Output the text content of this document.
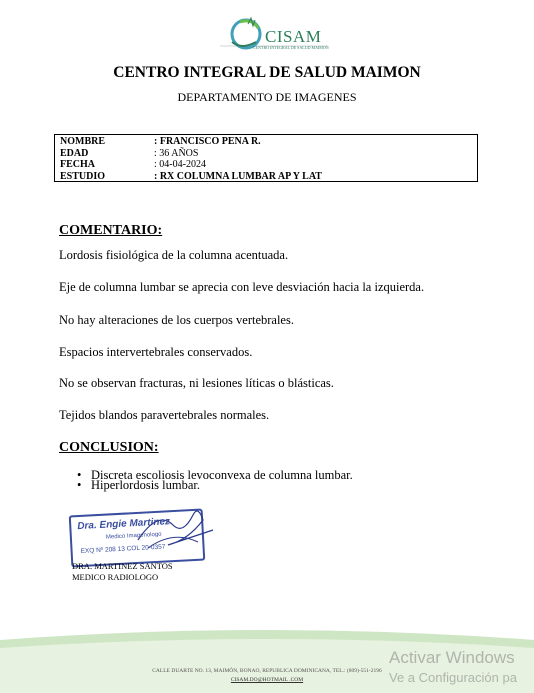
CISAM
CENTRO INTEGRAL DE SALUD MAIMON
CENTRO INTEGRAL DE SALUD MAIMON
DEPARTAMENTO DE IMAGENES
NOMBRE	: FRANCISCO PENA R.
EDAD	: 36 AÑOS
FECHA	: 04-04-2024
ESTUDIO	: RX COLUMNA LUMBAR AP Y LAT
COMENTARIO:
Lordosis fisiológica de la columna acentuada.
Eje de columna lumbar se aprecia con leve desviación hacia la izquierda.
No hay alteraciones de los cuerpos vertebrales.
Espacios intervertebrales conservados.
No se observan fracturas, ni lesiones líticas o blásticas.
Tejidos blandos paravertebrales normales.
CONCLUSION:
• Discreta escoliosis levoconvexa de columna lumbar.
• Hiperlordosis lumbar.
Dra. Engie Martinez
Medico Imagenologo
EXQ Nº 208 13 COL 20-0357
DRA. MARTINEZ SANTOS
MEDICO RADIOLOGO
CALLE DUARTE NO. 13, MAIMÓN, BONAO, REPUBLICA DOMINICANA, TEL.: (809)-551-2196
CISAM.DO@HOTMAIL .COM
Activar Windows
Ve a Configuración pa
